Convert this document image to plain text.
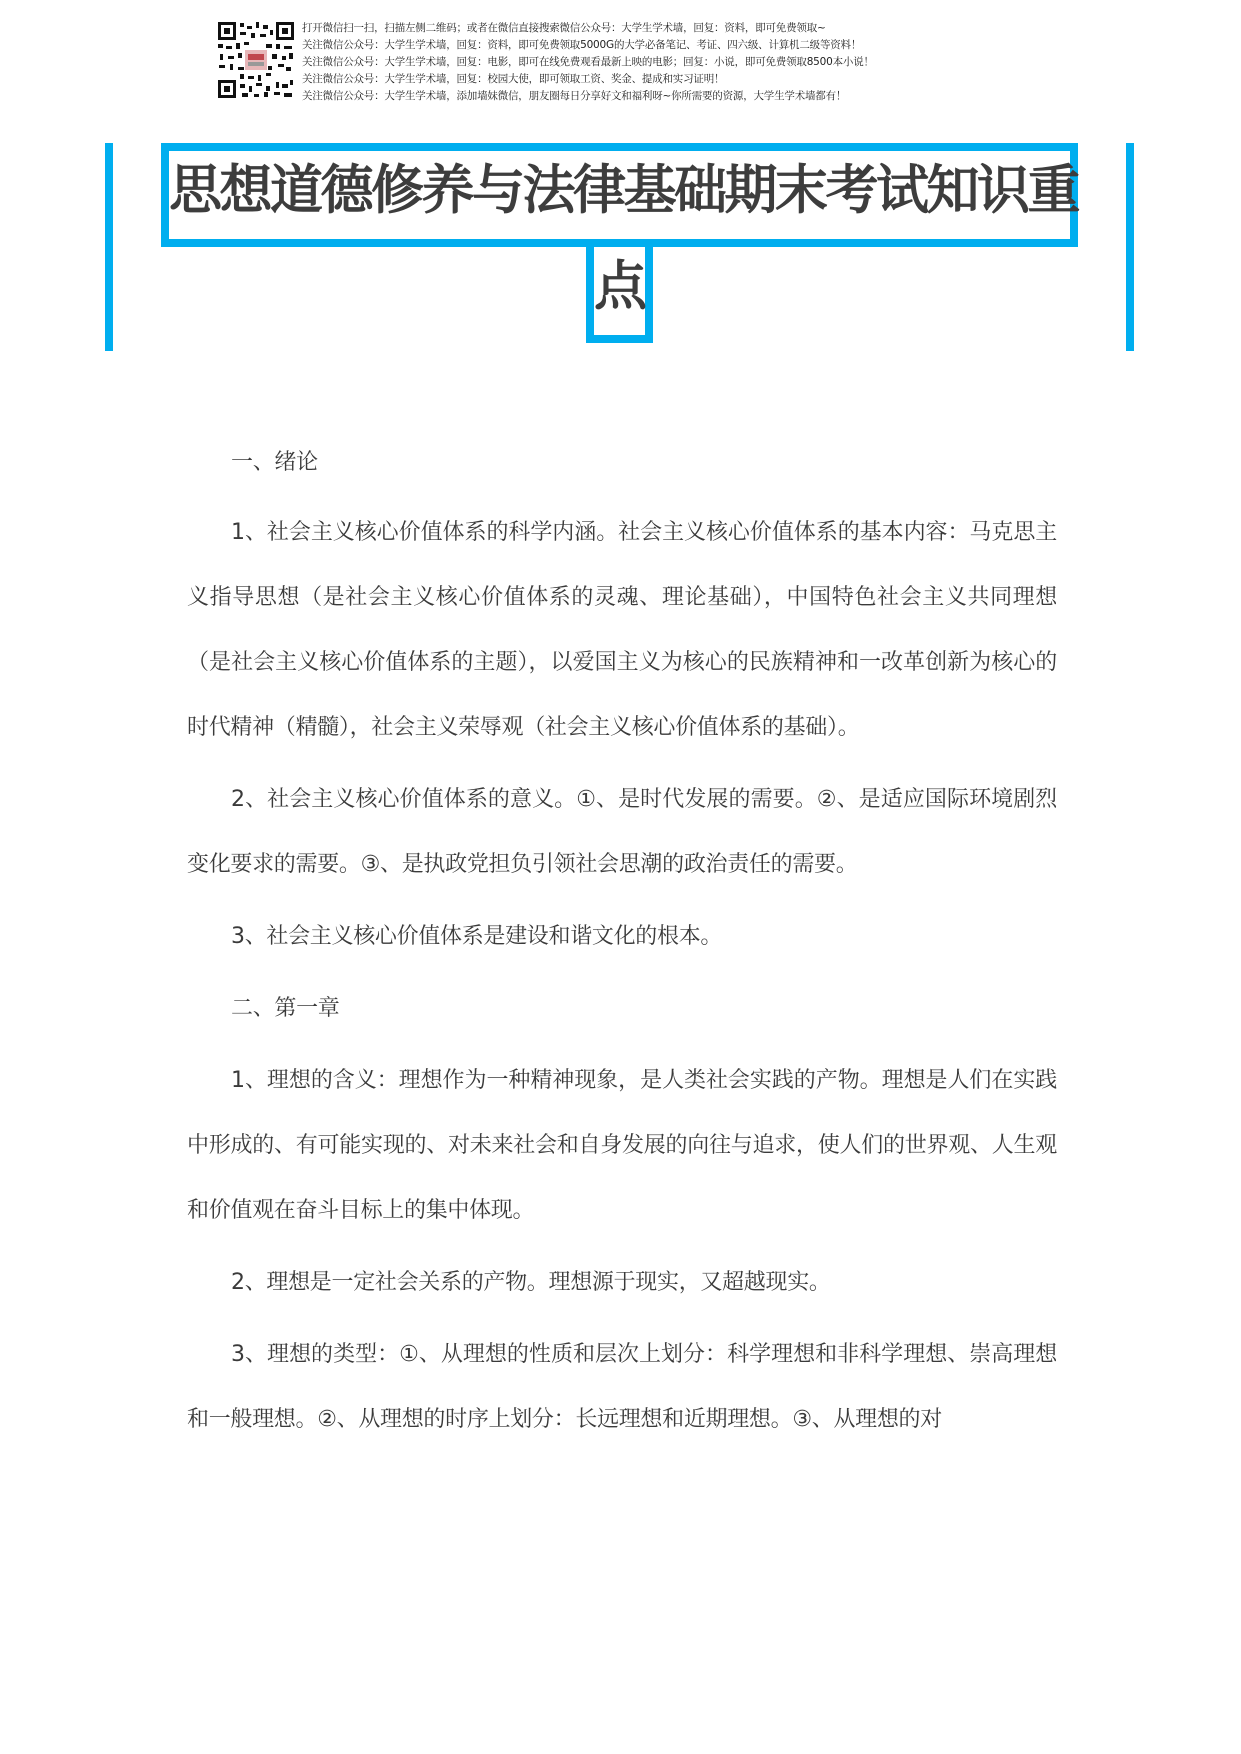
打开微信扫一扫，扫描左侧二维码；或者在微信直接搜索微信公众号：大学生学术墙，回复：资料，即可免费领取~
关注微信公众号：大学生学术墙，回复：资料，即可免费领取5000G的大学必备笔记、考证、四六级、计算机二级等资料！
关注微信公众号：大学生学术墙，回复：电影，即可在线免费观看最新上映的电影；回复：小说，即可免费领取8500本小说！
关注微信公众号：大学生学术墙，回复：校园大使，即可领取工资、奖金、提成和实习证明！
关注微信公众号：大学生学术墙，添加墙妹微信，朋友圈每日分享好文和福利呀~你所需要的资源，大学生学术墙都有！
思想道德修养与法律基础期末考试知识重
点

一、绪论

1、社会主义核心价值体系的科学内涵。社会主义核心价值体系的基本内容：马克思主义指导思想（是社会主义核心价值体系的灵魂、理论基础），中国特色社会主义共同理想（是社会主义核心价值体系的主题），以爱国主义为核心的民族精神和一改革创新为核心的时代精神（精髓），社会主义荣辱观（社会主义核心价值体系的基础）。

2、社会主义核心价值体系的意义。①、是时代发展的需要。②、是适应国际环境剧烈变化要求的需要。③、是执政党担负引领社会思潮的政治责任的需要。

3、社会主义核心价值体系是建设和谐文化的根本。

二、第一章

1、理想的含义：理想作为一种精神现象，是人类社会实践的产物。理想是人们在实践中形成的、有可能实现的、对未来社会和自身发展的向往与追求，使人们的世界观、人生观和价值观在奋斗目标上的集中体现。

2、理想是一定社会关系的产物。理想源于现实，又超越现实。

3、理想的类型：①、从理想的性质和层次上划分：科学理想和非科学理想、崇高理想和一般理想。②、从理想的时序上划分：长远理想和近期理想。③、从理想的对
